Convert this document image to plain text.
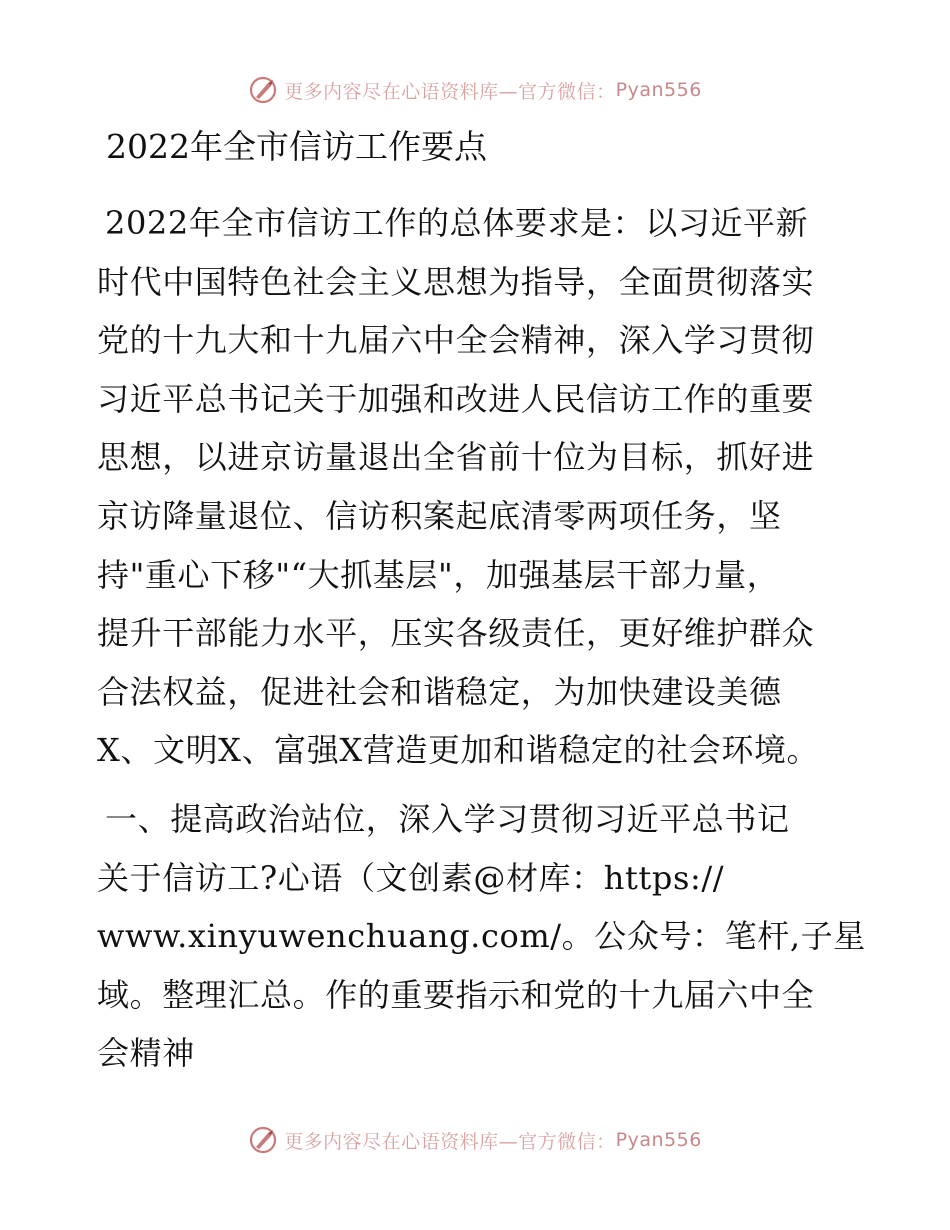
更多内容尽在心语资料库—官方微信： Pyan556
2022年全市信访工作要点
2022年全市信访工作的总体要求是：以习近平新
时代中国特色社会主义思想为指导，全面贯彻落实
党的十九大和十九届六中全会精神，深入学习贯彻
习近平总书记关于加强和改进人民信访工作的重要
思想，以进京访量退出全省前十位为目标，抓好进
京访降量退位、信访积案起底清零两项任务，坚
持"重心下移"“大抓基层"，加强基层干部力量，
提升干部能力水平，压实各级责任，更好维护群众
合法权益，促进社会和谐稳定，为加快建设美德
X、文明X、富强X营造更加和谐稳定的社会环境。
一、提高政治站位，深入学习贯彻习近平总书记
关于信访工?心语（文创素@材库：https://
www.xinyuwenchuang.com/。公众号：笔杆,子星
域。整理汇总。作的重要指示和党的十九届六中全
会精神
更多内容尽在心语资料库—官方微信： Pyan556
